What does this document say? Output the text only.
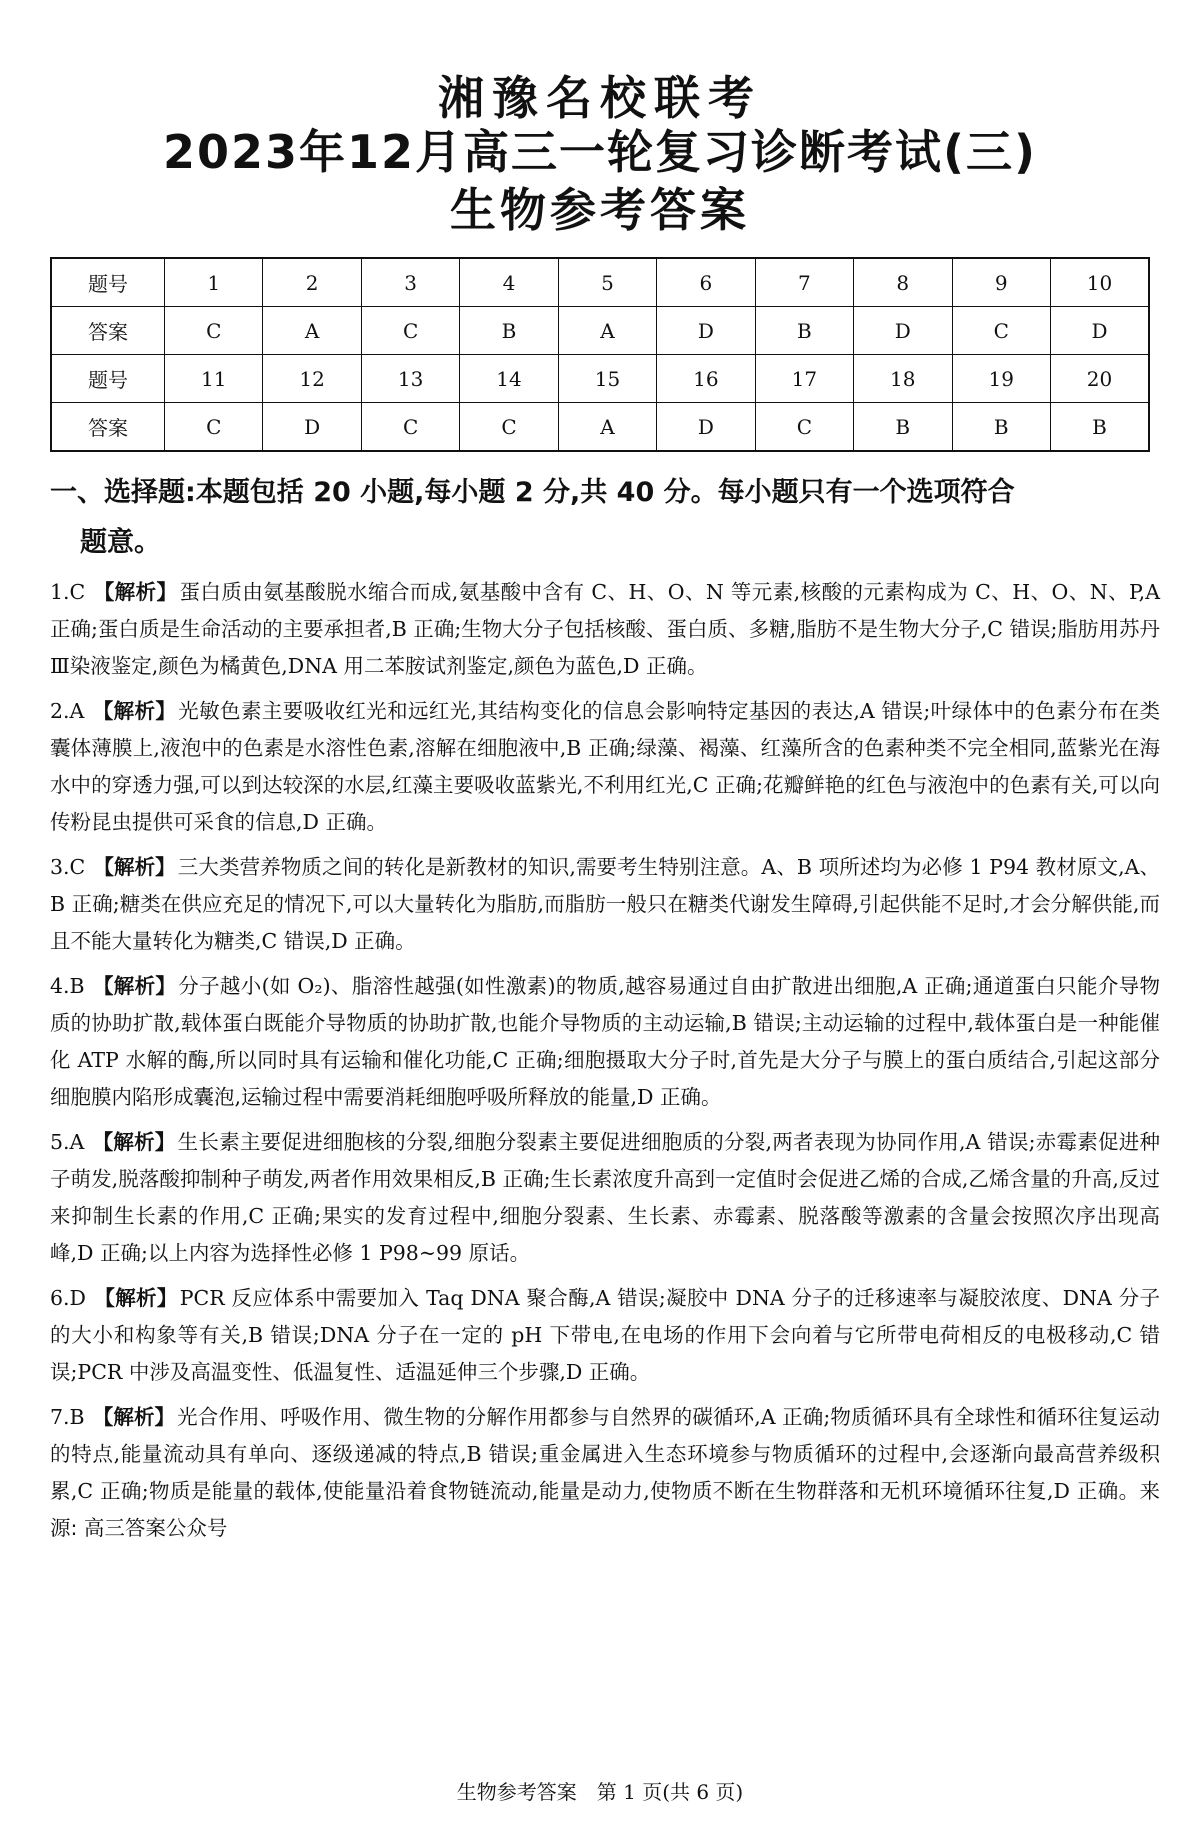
湘豫名校联考
2023年12月高三一轮复习诊断考试(三)
生物参考答案
题号	1	2	3	4	5	6	7	8	9	10
答案	C	A	C	B	A	D	B	D	C	D
题号	11	12	13	14	15	16	17	18	19	20
答案	C	D	C	C	A	D	C	B	B	B
一、选择题:本题包括 20 小题,每小题 2 分,共 40 分。每小题只有一个选项符合
题意。
1.C 【解析】蛋白质由氨基酸脱水缩合而成,氨基酸中含有 C、H、O、N 等元素,核酸的元素构成为 C、H、O、N、P,A 正确;蛋白质是生命活动的主要承担者,B 正确;生物大分子包括核酸、蛋白质、多糖,脂肪不是生物大分子,C 错误;脂肪用苏丹Ⅲ染液鉴定,颜色为橘黄色,DNA 用二苯胺试剂鉴定,颜色为蓝色,D 正确。
2.A 【解析】光敏色素主要吸收红光和远红光,其结构变化的信息会影响特定基因的表达,A 错误;叶绿体中的色素分布在类囊体薄膜上,液泡中的色素是水溶性色素,溶解在细胞液中,B 正确;绿藻、褐藻、红藻所含的色素种类不完全相同,蓝紫光在海水中的穿透力强,可以到达较深的水层,红藻主要吸收蓝紫光,不利用红光,C 正确;花瓣鲜艳的红色与液泡中的色素有关,可以向传粉昆虫提供可采食的信息,D 正确。
3.C 【解析】三大类营养物质之间的转化是新教材的知识,需要考生特别注意。A、B 项所述均为必修 1 P94 教材原文,A、B 正确;糖类在供应充足的情况下,可以大量转化为脂肪,而脂肪一般只在糖类代谢发生障碍,引起供能不足时,才会分解供能,而且不能大量转化为糖类,C 错误,D 正确。
4.B 【解析】分子越小(如 O₂)、脂溶性越强(如性激素)的物质,越容易通过自由扩散进出细胞,A 正确;通道蛋白只能介导物质的协助扩散,载体蛋白既能介导物质的协助扩散,也能介导物质的主动运输,B 错误;主动运输的过程中,载体蛋白是一种能催化 ATP 水解的酶,所以同时具有运输和催化功能,C 正确;细胞摄取大分子时,首先是大分子与膜上的蛋白质结合,引起这部分细胞膜内陷形成囊泡,运输过程中需要消耗细胞呼吸所释放的能量,D 正确。
5.A 【解析】生长素主要促进细胞核的分裂,细胞分裂素主要促进细胞质的分裂,两者表现为协同作用,A 错误;赤霉素促进种子萌发,脱落酸抑制种子萌发,两者作用效果相反,B 正确;生长素浓度升高到一定值时会促进乙烯的合成,乙烯含量的升高,反过来抑制生长素的作用,C 正确;果实的发育过程中,细胞分裂素、生长素、赤霉素、脱落酸等激素的含量会按照次序出现高峰,D 正确;以上内容为选择性必修 1 P98~99 原话。
6.D 【解析】PCR 反应体系中需要加入 Taq DNA 聚合酶,A 错误;凝胶中 DNA 分子的迁移速率与凝胶浓度、DNA 分子的大小和构象等有关,B 错误;DNA 分子在一定的 pH 下带电,在电场的作用下会向着与它所带电荷相反的电极移动,C 错误;PCR 中涉及高温变性、低温复性、适温延伸三个步骤,D 正确。
7.B 【解析】光合作用、呼吸作用、微生物的分解作用都参与自然界的碳循环,A 正确;物质循环具有全球性和循环往复运动的特点,能量流动具有单向、逐级递减的特点,B 错误;重金属进入生态环境参与物质循环的过程中,会逐渐向最高营养级积累,C 正确;物质是能量的载体,使能量沿着食物链流动,能量是动力,使物质不断在生物群落和无机环境循环往复,D 正确。来源: 高三答案公众号
生物参考答案　第 1 页(共 6 页)
